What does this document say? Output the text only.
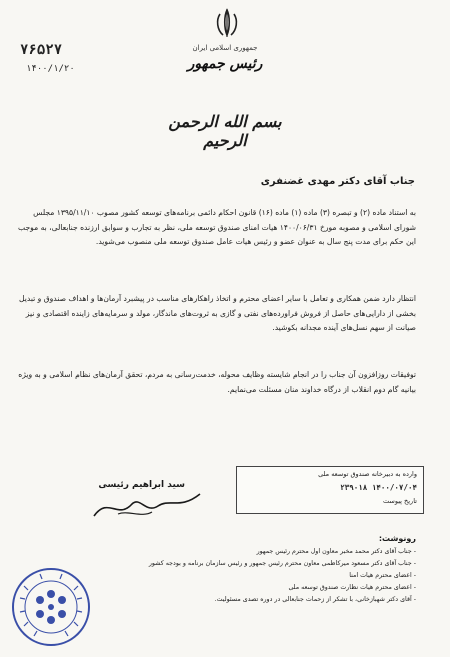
جمهوری اسلامی ایران
رئیس جمهور
۷۶۵۲۷
۱۴۰۰/۱/۲۰
بسم الله الرحمن الرحیم
جناب آقای دکتر مهدی غضنفری
به استناد ماده (۲) و تبصره (۳) ماده (۱) ماده (۱۶) قانون احکام دائمی برنامه‌های توسعه کشور مصوب ۱۳۹۵/۱۱/۱۰ مجلس شورای اسلامی و مصوبه مورخ ۱۴۰۰/۰۶/۳۱ هیات امنای صندوق توسعه ملی، نظر به تجارب و سوابق ارزنده جنابعالی، به موجب این حکم برای مدت پنج سال به عنوان عضو و رئیس هیات عامل صندوق توسعه ملی منصوب می‌شوید.
انتظار دارد ضمن همکاری و تعامل با سایر اعضای محترم و اتخاذ راهکارهای مناسب در پیشبرد آرمان‌ها و اهداف صندوق و تبدیل بخشی از دارایی‌های حاصل از فروش فراورده‌های نفتی و گازی به ثروت‌های ماندگار، مولد و سرمایه‌های زاینده اقتصادی و نیز صیانت از سهم نسل‌های آینده مجدانه بکوشید.
توفیقات روزافزون آن جناب را در انجام شایسته وظایف محوله، خدمت‌رسانی به مردم، تحقق آرمان‌های نظام اسلامی و به ویژه بیانیه گام دوم انقلاب از درگاه خداوند منان مسئلت می‌نمایم.
سید ابراهیم رئیسی
وارده به دبیرخانه صندوق توسعه ملی
۱۴۰۰/۰۷/۰۴ ۲۳۹۰۱۸
تاریخ پیوست
رونوشت:
- جناب آقای دکتر محمد مخبر معاون اول محترم رئیس جمهور
- جناب آقای دکتر مسعود میرکاظمی معاون محترم رئیس جمهور و رئیس سازمان برنامه و بودجه کشور
- اعضای محترم هیات امنا
- اعضای محترم هیات نظارت صندوق توسعه ملی
- آقای دکتر شهبازخانی، با تشکر از زحمات جنابعالی در دوره تصدی مسئولیت.
